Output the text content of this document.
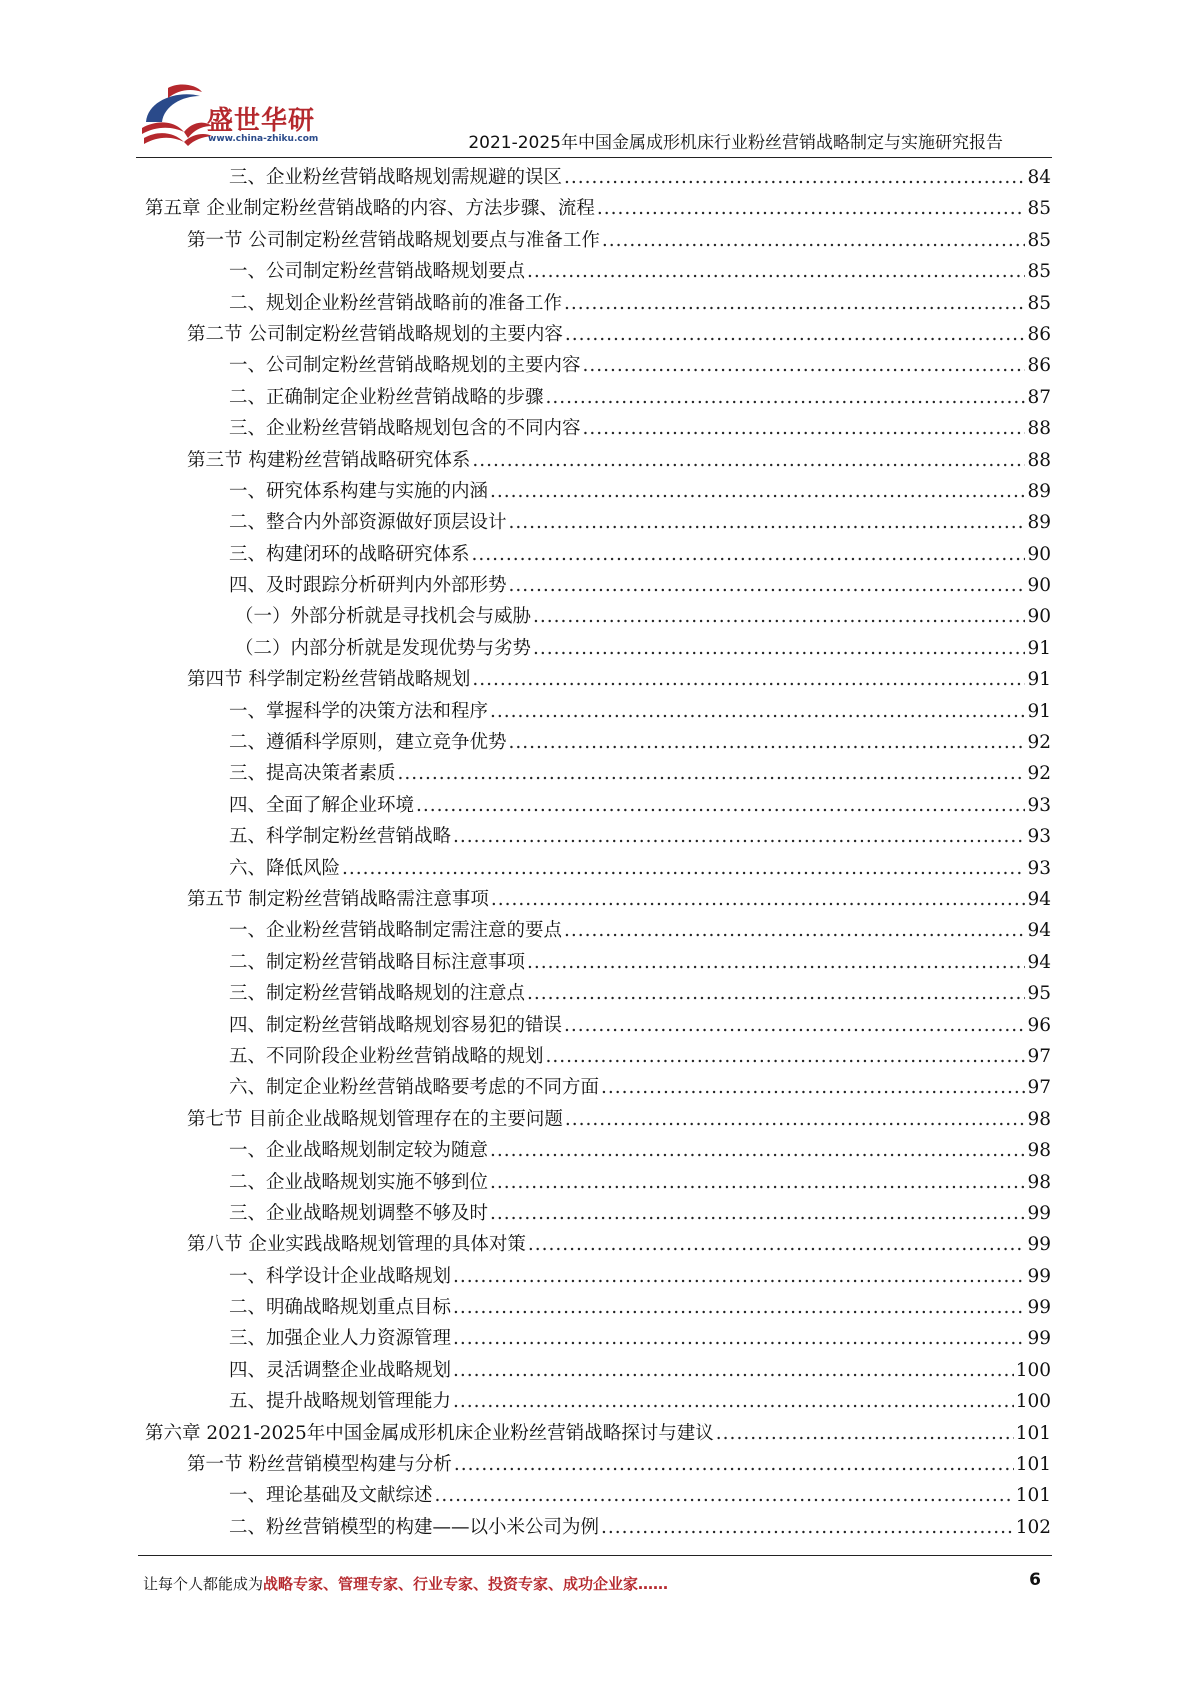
盛世华研
www.china-zhiku.com	2021-2025年中国金属成形机床行业粉丝营销战略制定与实施研究报告
三、企业粉丝营销战略规划需规避的误区 .....	84
第五章 企业制定粉丝营销战略的内容、方法步骤、流程 .....	85
第一节 公司制定粉丝营销战略规划要点与准备工作 .....	85
一、公司制定粉丝营销战略规划要点 .....	85
二、规划企业粉丝营销战略前的准备工作 .....	85
第二节 公司制定粉丝营销战略规划的主要内容 .....	86
一、公司制定粉丝营销战略规划的主要内容 .....	86
二、正确制定企业粉丝营销战略的步骤 .....	87
三、企业粉丝营销战略规划包含的不同内容 .....	88
第三节 构建粉丝营销战略研究体系 .....	88
一、研究体系构建与实施的内涵 .....	89
二、整合内外部资源做好顶层设计 .....	89
三、构建闭环的战略研究体系 .....	90
四、及时跟踪分析研判内外部形势 .....	90
（一）外部分析就是寻找机会与威胁 .....	90
（二）内部分析就是发现优势与劣势 .....	91
第四节 科学制定粉丝营销战略规划 .....	91
一、掌握科学的决策方法和程序 .....	91
二、遵循科学原则，建立竞争优势 .....	92
三、提高决策者素质 .....	92
四、全面了解企业环境 .....	93
五、科学制定粉丝营销战略 .....	93
六、降低风险 .....	93
第五节 制定粉丝营销战略需注意事项 .....	94
一、企业粉丝营销战略制定需注意的要点 .....	94
二、制定粉丝营销战略目标注意事项 .....	94
三、制定粉丝营销战略规划的注意点 .....	95
四、制定粉丝营销战略规划容易犯的错误 .....	96
五、不同阶段企业粉丝营销战略的规划 .....	97
六、制定企业粉丝营销战略要考虑的不同方面 .....	97
第七节 目前企业战略规划管理存在的主要问题 .....	98
一、企业战略规划制定较为随意 .....	98
二、企业战略规划实施不够到位 .....	98
三、企业战略规划调整不够及时 .....	99
第八节 企业实践战略规划管理的具体对策 .....	99
一、科学设计企业战略规划 .....	99
二、明确战略规划重点目标 .....	99
三、加强企业人力资源管理 .....	99
四、灵活调整企业战略规划 .....	100
五、提升战略规划管理能力 .....	100
第六章 2021-2025年中国金属成形机床企业粉丝营销战略探讨与建议 .....	101
第一节 粉丝营销模型构建与分析 .....	101
一、理论基础及文献综述 .....	101
二、粉丝营销模型的构建——以小米公司为例 .....	102
让每个人都能成为战略专家、管理专家、行业专家、投资专家、成功企业家……	6
